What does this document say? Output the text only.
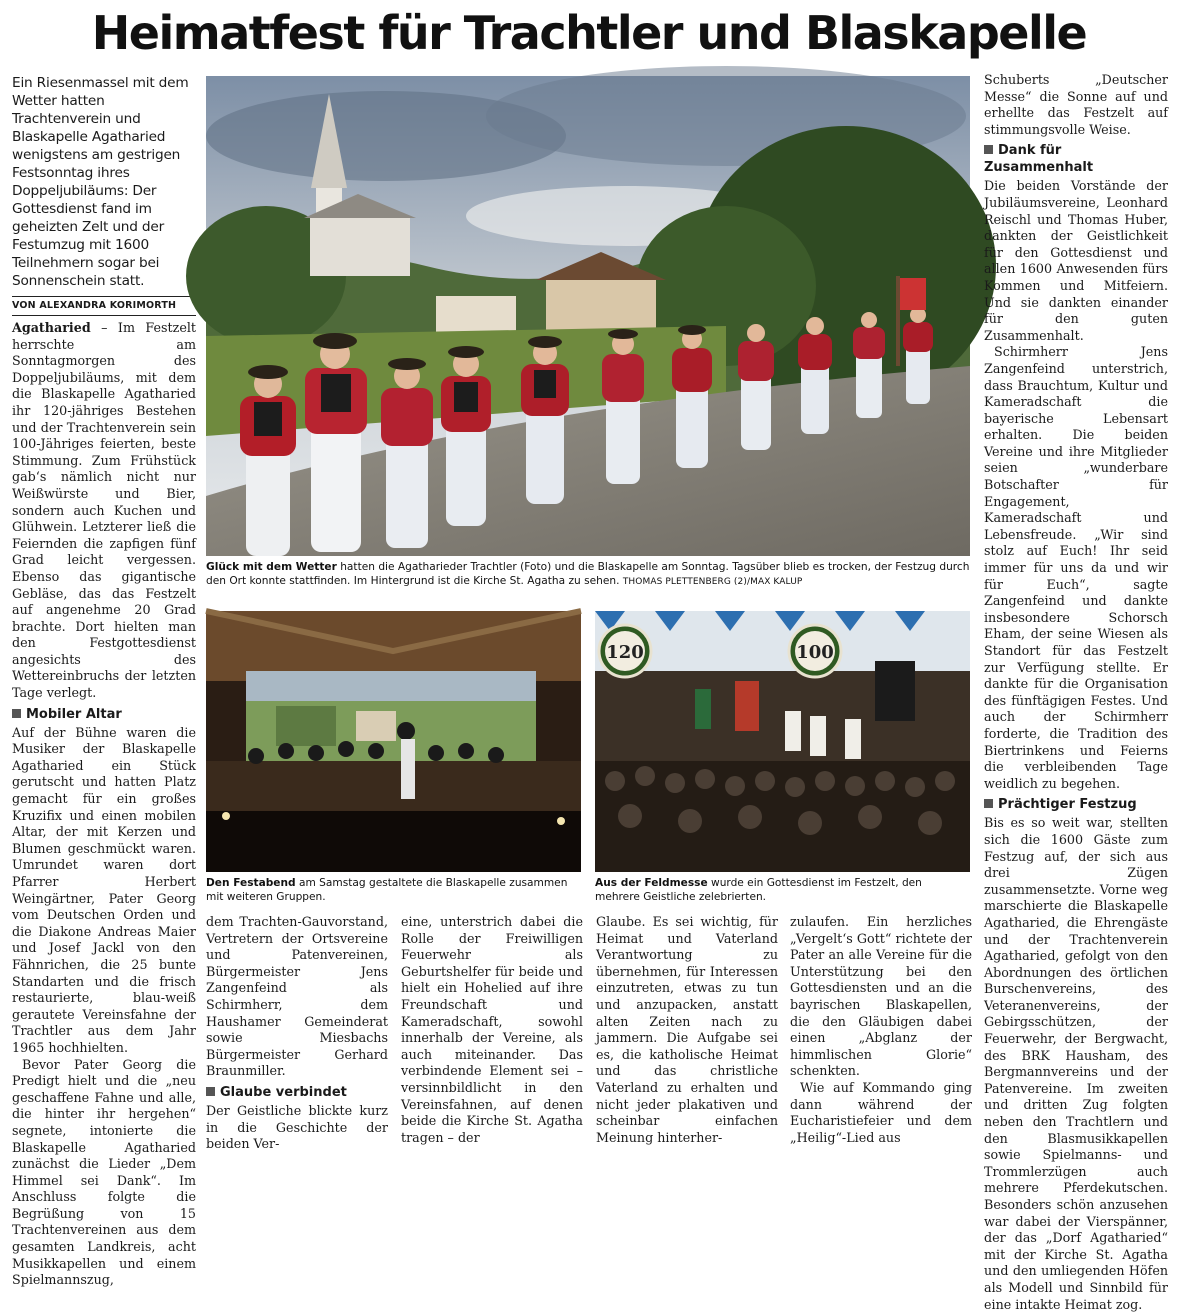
Heimatfest für Trachtler und Blaskapelle
Ein Riesenmassel mit dem Wetter hatten Trachtenverein und Blaskapelle Agatharied wenigstens am gestrigen Festsonntag ihres Doppeljubiläums: Der Gottesdienst fand im geheizten Zelt und der Festumzug mit 1600 Teilnehmern sogar bei Sonnenschein statt.
VON ALEXANDRA KORIMORTH

Agatharied – Im Festzelt herrschte am Sonntagmorgen des Doppeljubiläums, mit dem die Blaskapelle Agatharied ihr 120-jähriges Bestehen und der Trachtenverein sein 100-Jähriges feierten, beste Stimmung. Zum Frühstück gab‘s nämlich nicht nur Weißwürste und Bier, sondern auch Kuchen und Glühwein. Letzterer ließ die Feiernden die zapfigen fünf Grad leicht vergessen. Ebenso das gigantische Gebläse, das das Festzelt auf angenehme 20 Grad brachte. Dort hielten man den Festgottesdienst angesichts des Wettereinbruchs der letzten Tage verlegt.

Mobiler Altar

Auf der Bühne waren die Musiker der Blaskapelle Agatharied ein Stück gerutscht und hatten Platz gemacht für ein großes Kruzifix und einen mobilen Altar, der mit Kerzen und Blumen geschmückt waren. Umrundet waren dort Pfarrer Herbert Weingärtner, Pater Georg vom Deutschen Orden und die Diakone Andreas Maier und Josef Jackl von den Fähnrichen, die 25 bunte Standarten und die frisch restaurierte, blau-weiß gerautete Vereinsfahne der Trachtler aus dem Jahr 1965 hochhielten.

Bevor Pater Georg die Predigt hielt und die „neu geschaffene Fahne und alle, die hinter ihr hergehen“ segnete, intonierte die Blaskapelle Agatharied zunächst die Lieder „Dem Himmel sei Dank“. Im Anschluss folgte die Begrüßung von 15 Trachtenvereinen aus dem gesamten Landkreis, acht Musikkapellen und einem Spielmannszug,

Glück mit dem Wetter hatten die Agatharieder Trachtler (Foto) und die Blaskapelle am Sonntag. Tagsüber blieb es trocken, der Festzug durch den Ort konnte stattfinden. Im Hintergrund ist die Kirche St. Agatha zu sehen. THOMAS PLETTENBERG (2)/MAX KALUP
Den Festabend am Samstag gestaltete die Blaskapelle zusammen mit weiteren Gruppen.
120	100
Aus der Feldmesse wurde ein Gottesdienst im Festzelt, den mehrere Geistliche zelebrierten.

dem Trachten-Gauvorstand, Vertretern der Ortsvereine und Patenvereinen, Bürgermeister Jens Zangenfeind als Schirmherr, dem Haushamer Gemeinderat sowie Miesbachs Bürgermeister Gerhard Braunmiller.

Glaube verbindet

Der Geistliche blickte kurz in die Geschichte der beiden Ver-

eine, unterstrich dabei die Rolle der Freiwilligen Feuerwehr als Geburtshelfer für beide und hielt ein Hohelied auf ihre Freundschaft und Kameradschaft, sowohl innerhalb der Vereine, als auch miteinander. Das verbindende Element sei – versinnbildlicht in den Vereinsfahnen, auf denen beide die Kirche St. Agatha tragen – der

Glaube. Es sei wichtig, für Heimat und Vaterland Verantwortung zu übernehmen, für Interessen einzutreten, etwas zu tun und anzupacken, anstatt alten Zeiten nach zu jammern. Die Aufgabe sei es, die katholische Heimat und das christliche Vaterland zu erhalten und nicht jeder plakativen und scheinbar einfachen Meinung hinterher-

zulaufen. Ein herzliches „Vergelt‘s Gott“ richtete der Pater an alle Vereine für die Unterstützung bei den Gottesdiensten und an die bayrischen Blaskapellen, die den Gläubigen dabei einen „Abglanz der himmlischen Glorie“ schenkten.

Wie auf Kommando ging dann während der Eucharistiefeier und dem „Heilig“-Lied aus

Schuberts „Deutscher Messe“ die Sonne auf und erhellte das Festzelt auf stimmungsvolle Weise.

Dank für Zusammenhalt

Die beiden Vorstände der Jubiläumsvereine, Leonhard Reischl und Thomas Huber, dankten der Geistlichkeit für den Gottesdienst und allen 1600 Anwesenden fürs Kommen und Mitfeiern. Und sie dankten einander für den guten Zusammenhalt.

Schirmherr Jens Zangenfeind unterstrich, dass Brauchtum, Kultur und Kameradschaft die bayerische Lebensart erhalten. Die beiden Vereine und ihre Mitglieder seien „wunderbare Botschafter für Engagement, Kameradschaft und Lebensfreude. „Wir sind stolz auf Euch! Ihr seid immer für uns da und wir für Euch“, sagte Zangenfeind und dankte insbesondere Schorsch Eham, der seine Wiesen als Standort für das Festzelt zur Verfügung stellte. Er dankte für die Organisation des fünftägigen Festes. Und auch der Schirmherr forderte, die Tradition des Biertrinkens und Feierns die verbleibenden Tage weidlich zu begehen.

Prächtiger Festzug

Bis es so weit war, stellten sich die 1600 Gäste zum Festzug auf, der sich aus drei Zügen zusammensetzte. Vorne weg marschierte die Blaskapelle Agatharied, die Ehrengäste und der Trachtenverein Agatharied, gefolgt von den Abordnungen des örtlichen Burschenvereins, des Veteranenvereins, der Gebirgsschützen, der Feuerwehr, der Bergwacht, des BRK Hausham, des Bergmannvereins und der Patenvereine. Im zweiten und dritten Zug folgten neben den Trachtlern und den Blasmusikkapellen sowie Spielmanns- und Trommlerzügen auch mehrere Pferdekutschen. Besonders schön anzusehen war dabei der Vierspänner, der das „Dorf Agatharied“ mit der Kirche St. Agatha und den umliegenden Höfen als Modell und Sinnbild für eine intakte Heimat zog.
